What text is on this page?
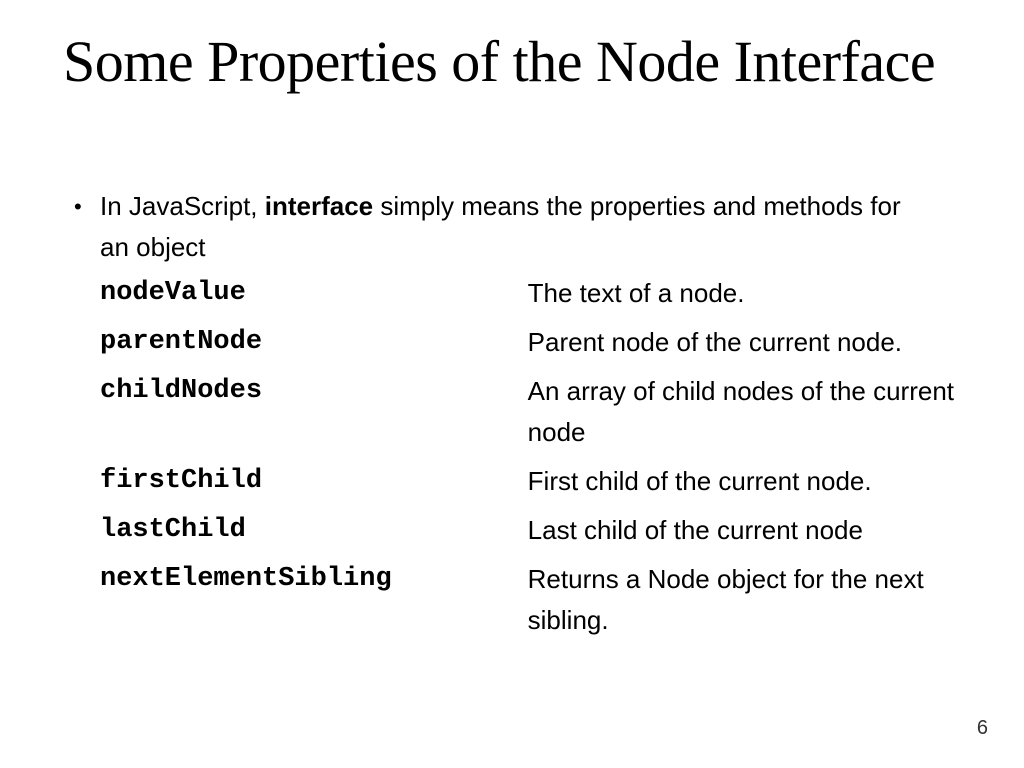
Some Properties of the Node Interface
• In JavaScript, interface simply means the properties and methods for an object
nodeValue	The text of a node.
parentNode	Parent node of the current node.
childNodes	An array of child nodes of the current node
firstChild	First child of the current node.
lastChild	Last child of the current node
nextElementSibling	Returns a Node object for the next sibling.
6
